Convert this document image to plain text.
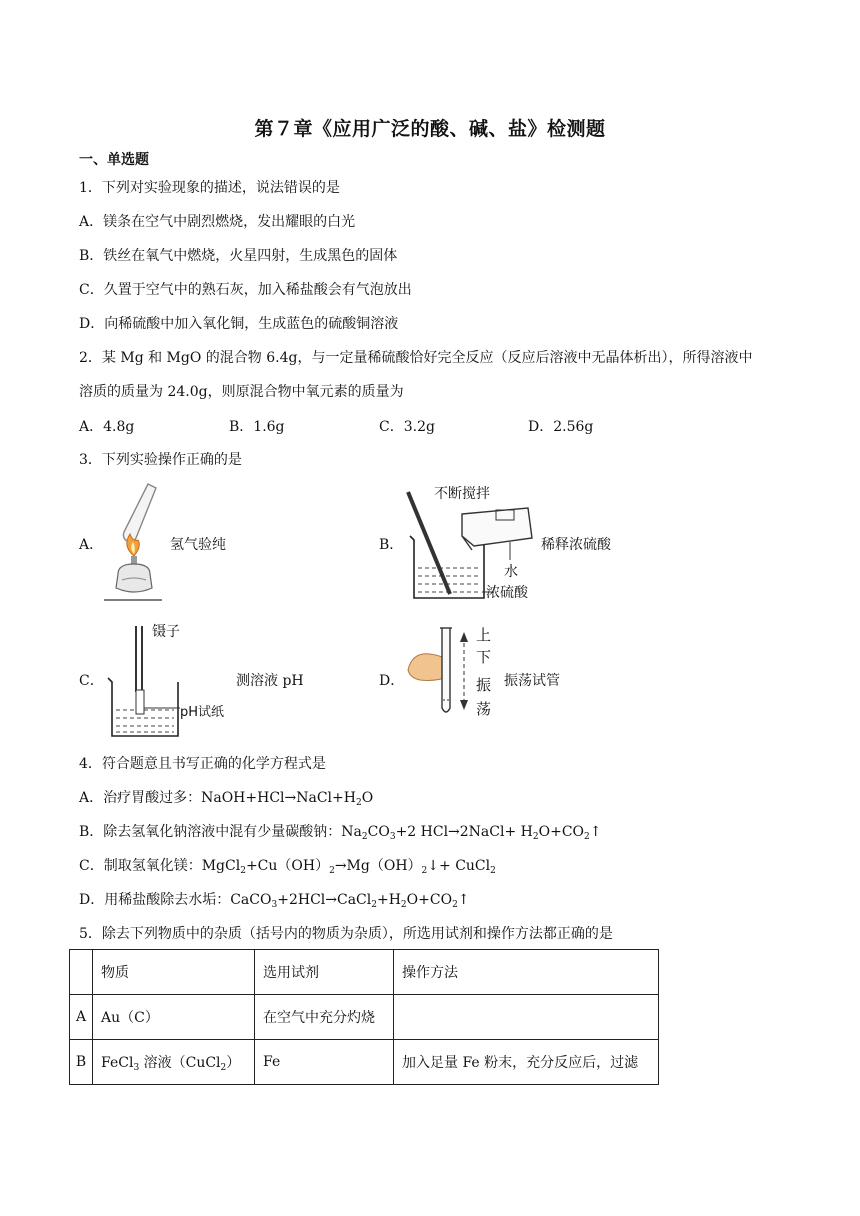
第７章《应用广泛的酸、碱、盐》检测题
一、单选题
1．下列对实验现象的描述，说法错误的是
A．镁条在空气中剧烈燃烧，发出耀眼的白光
B．铁丝在氧气中燃烧，火星四射，生成黑色的固体
C．久置于空气中的熟石灰，加入稀盐酸会有气泡放出
D．向稀硫酸中加入氧化铜，生成蓝色的硫酸铜溶液
2．某 Mg 和 MgO 的混合物 6.4g，与一定量稀硫酸恰好完全反应（反应后溶液中无晶体析出），所得溶液中
溶质的质量为 24.0g，则原混合物中氧元素的质量为
A．4.8g	B．1.6g	C．3.2g	D．2.56g
3．下列实验操作正确的是
A．	氢气验纯	B．
不断搅拌
水
浓硫酸
稀释浓硫酸
C．
镊子
pH试纸
测溶液 pH	D．
上
下
振
荡
振荡试管
4．符合题意且书写正确的化学方程式是
A．治疗胃酸过多：$NaOH+HCl\to NaCl+H_2O$
B．除去氢氧化钠溶液中混有少量碳酸钠：$Na_2CO_3+2$ HCl→2NaCl+ $H_2O+CO_2↑$
C．制取氢氧化镁：$MgCl_2+Cu(OH)_2\to Mg(OH)_2↓+$ CuCl$_2$
D．用稀盐酸除去水垢：$CaCO_3+2HCl\to CaCl_2+H_2O+CO_2↑$
5．除去下列物质中的杂质（括号内的物质为杂质），所选用试剂和操作方法都正确的是
	物质	选用试剂	操作方法
A	Au（C）	在空气中充分灼烧	
B	FeCl$_3$ 溶液（CuCl$_2$）	Fe	加入足量 Fe 粉末，充分反应后，过滤
